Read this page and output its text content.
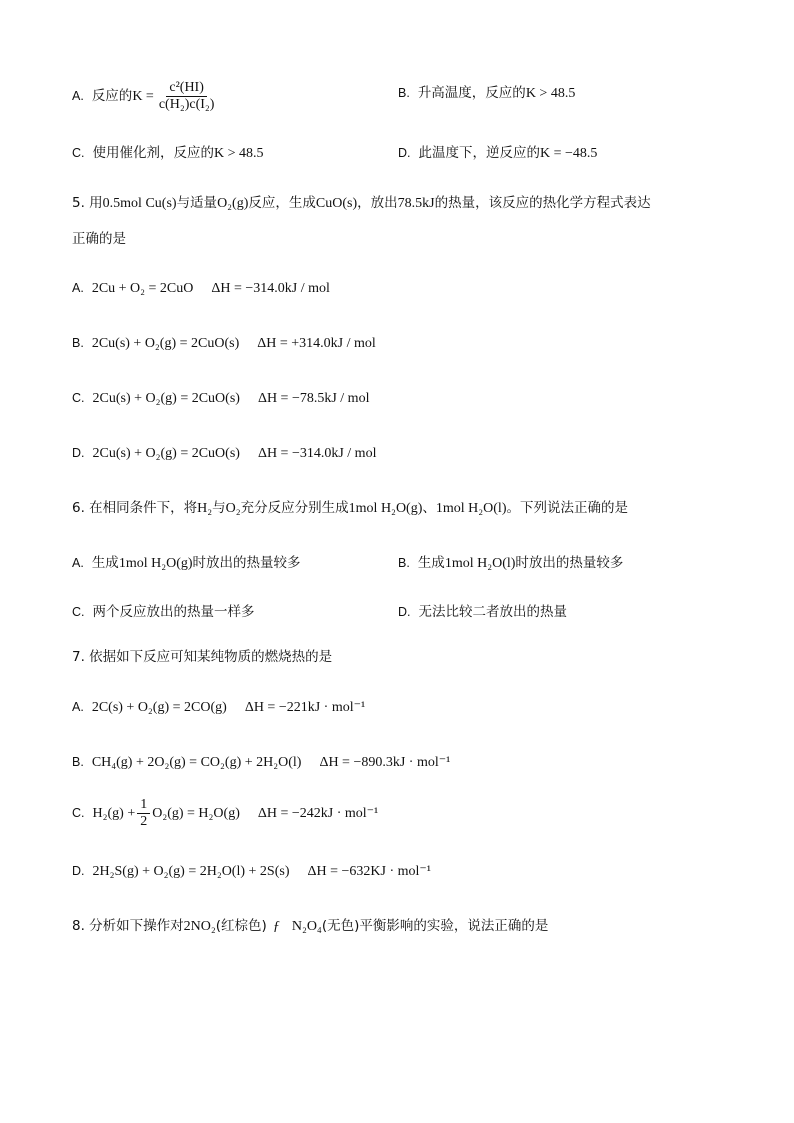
A. 反应的$K = \frac{\text{c²(HI)}}{\text{c(H₂)c(I₂)}}$	B. 升高温度，反应的K > 48.5
C. 使用催化剂，反应的K > 48.5	D. 此温度下，逆反应的K = −48.5
5. 用0.5mol Cu(s)与适量O₂(g)反应，生成CuO(s)，放出78.5kJ的热量，该反应的热化学方程式表达
正确的是
A. 2Cu + O₂ = 2CuO ΔH = −314.0kJ / mol
B. 2Cu(s) + O₂(g) = 2CuO(s) ΔH = +314.0kJ / mol
C. 2Cu(s) + O₂(g) = 2CuO(s) ΔH = −78.5kJ / mol
D. 2Cu(s) + O₂(g) = 2CuO(s) ΔH = −314.0kJ / mol
6. 在相同条件下，将H₂与O₂充分反应分别生成1mol H₂O(g)、1mol H₂O(l)。下列说法正确的是
A. 生成1mol H₂O(g)时放出的热量较多	B. 生成1mol H₂O(l)时放出的热量较多
C. 两个反应放出的热量一样多	D. 无法比较二者放出的热量
7. 依据如下反应可知某纯物质的燃烧热的是
A. 2C(s) + O₂(g) = 2CO(g) ΔH = −221kJ · mol⁻¹
B. CH₄(g) + 2O₂(g) = CO₂(g) + 2H₂O(l) ΔH = −890.3kJ · mol⁻¹
C. $H_2(g) + \frac{1}{2} O_2(g) = H_2O(g) \Delta H = -242kJ \cdot mol^{-1}$
D. 2H₂S(g) + O₂(g) = 2H₂O(l) + 2S(s) ΔH = −632KJ · mol⁻¹
8. 分析如下操作对2NO₂(红棕色) ƒ N₂O₄(无色)平衡影响的实验，说法正确的是
